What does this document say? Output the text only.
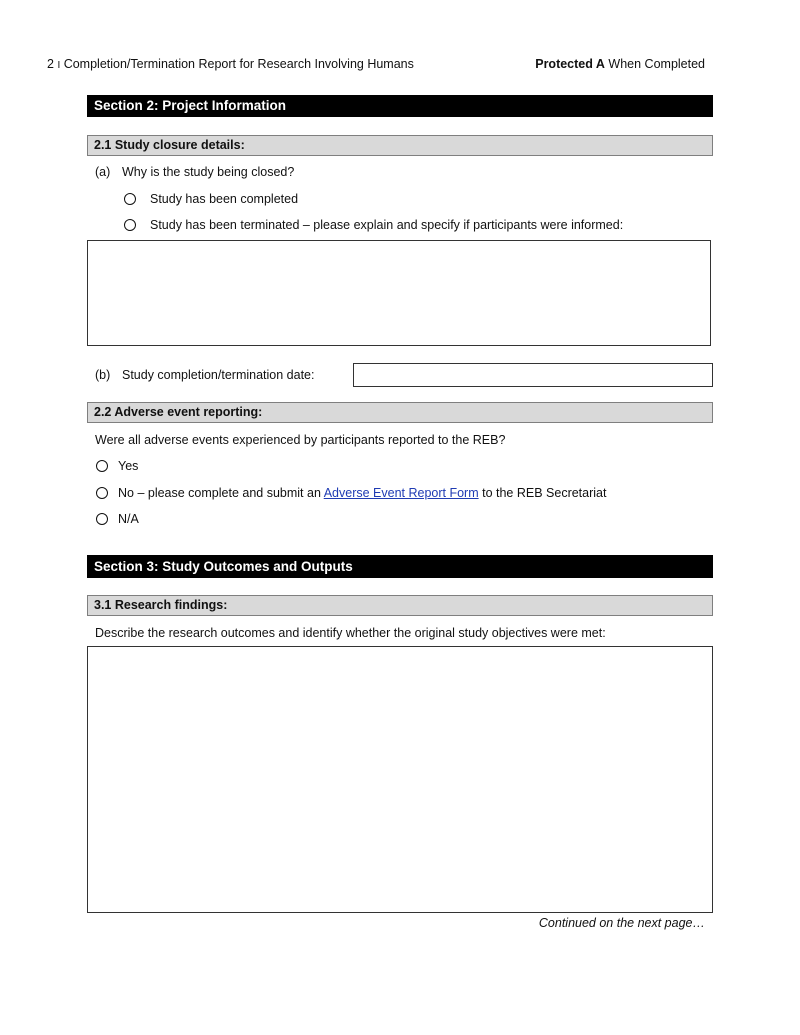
2 I Completion/Termination Report for Research Involving Humans	Protected A When Completed
Section 2: Project Information
2.1 Study closure details:
(a) Why is the study being closed?
Study has been completed
Study has been terminated – please explain and specify if participants were informed:
(b) Study completion/termination date:
2.2 Adverse event reporting:
Were all adverse events experienced by participants reported to the REB?
Yes
No – please complete and submit an Adverse Event Report Form to the REB Secretariat
N/A
Section 3: Study Outcomes and Outputs
3.1 Research findings:
Describe the research outcomes and identify whether the original study objectives were met:
Continued on the next page…
